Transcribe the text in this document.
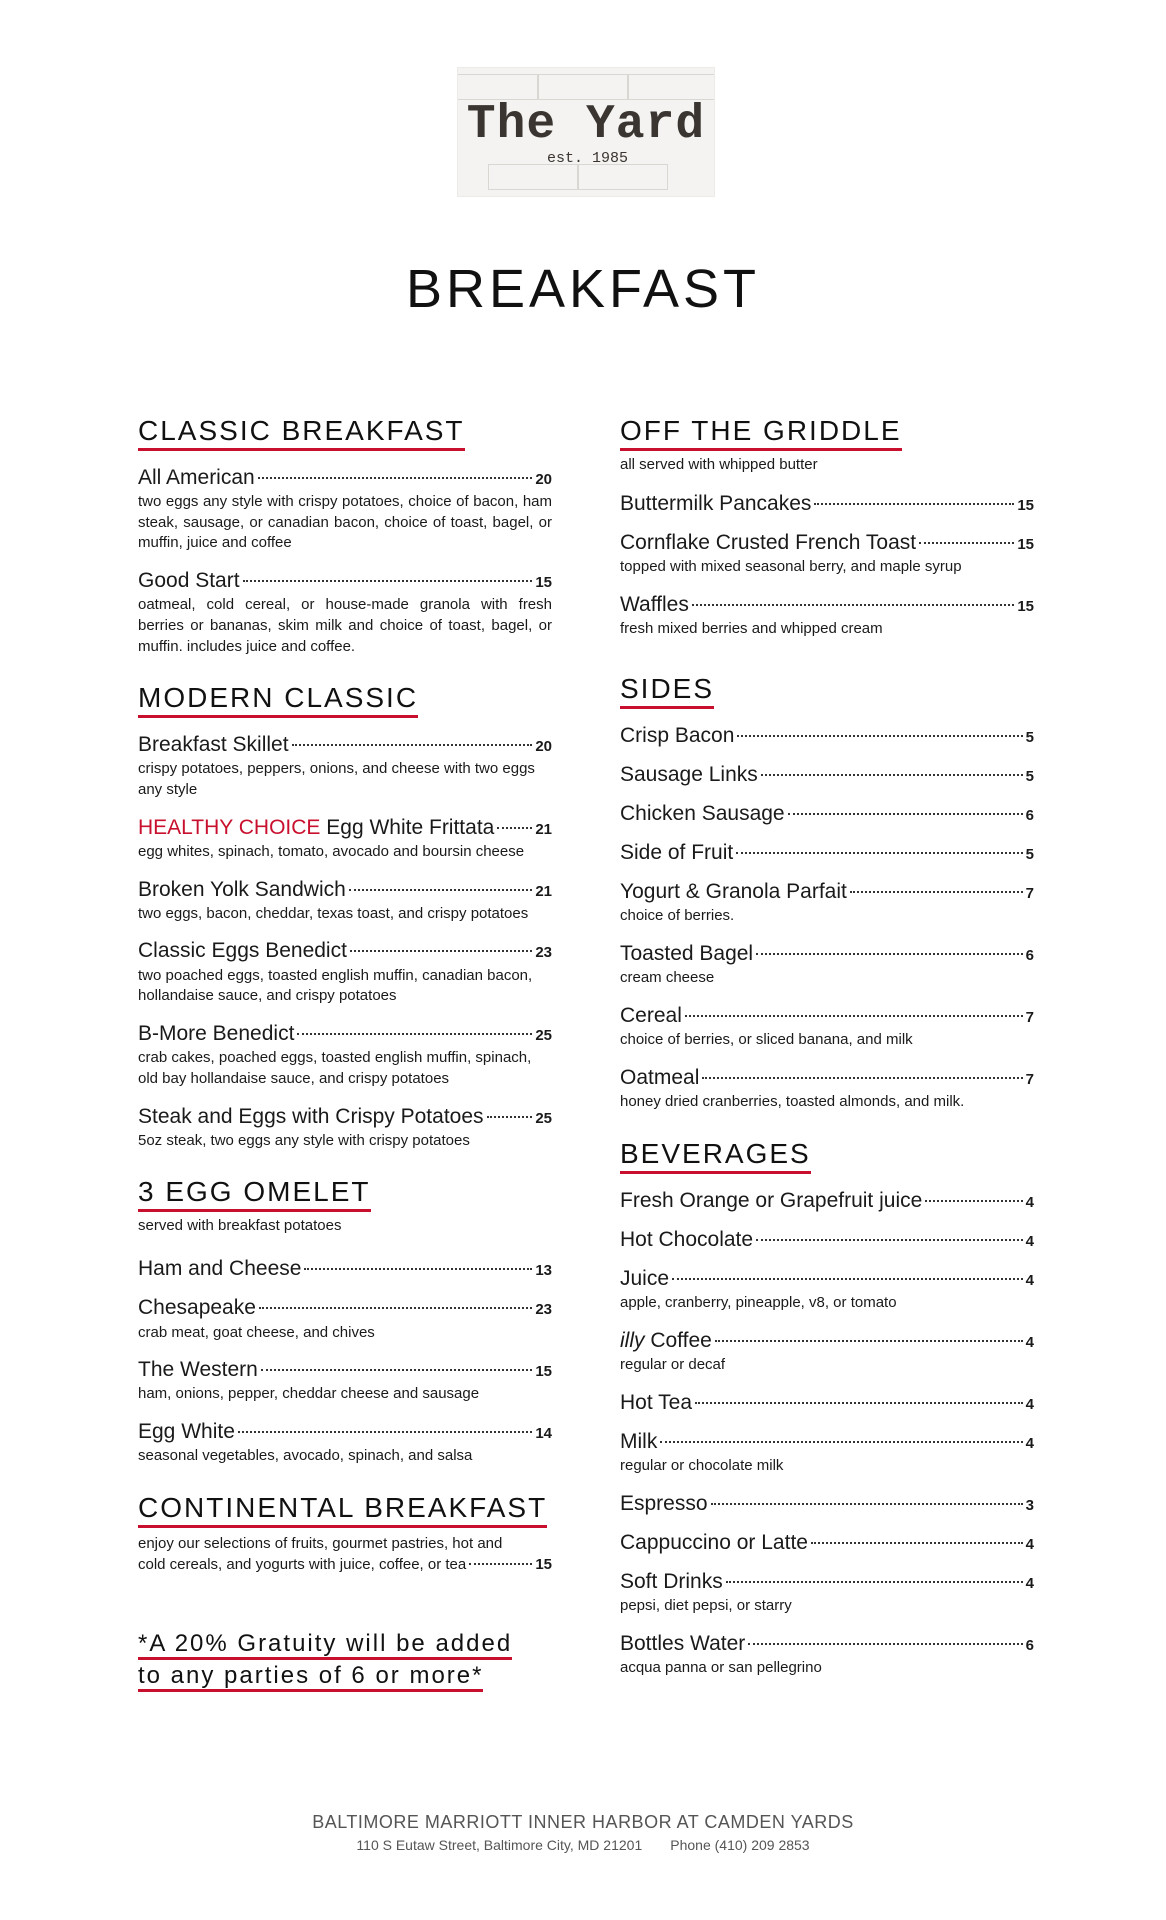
The Yard
est. 1985
BREAKFAST
CLASSIC BREAKFAST
All American	20
two eggs any style with crispy potatoes, choice of bacon, ham steak, sausage, or canadian bacon, choice of toast, bagel, or muffin, juice and coffee
Good Start	15
oatmeal, cold cereal, or house-made granola with fresh berries or bananas, skim milk and choice of toast, bagel, or muffin. includes juice and coffee.
MODERN CLASSIC
Breakfast Skillet	20
crispy potatoes, peppers, onions, and cheese with two eggs any style
HEALTHY CHOICE Egg White Frittata	21
egg whites, spinach, tomato, avocado and boursin cheese
Broken Yolk Sandwich	21
two eggs, bacon, cheddar, texas toast, and crispy potatoes
Classic Eggs Benedict	23
two poached eggs, toasted english muffin, canadian bacon, hollandaise sauce, and crispy potatoes
B-More Benedict	25
crab cakes, poached eggs, toasted english muffin, spinach, old bay hollandaise sauce, and crispy potatoes
Steak and Eggs with Crispy Potatoes	25
5oz steak, two eggs any style with crispy potatoes
3 EGG OMELET
served with breakfast potatoes
Ham and Cheese	13
Chesapeake	23
crab meat, goat cheese, and chives
The Western	15
ham, onions, pepper, cheddar cheese and sausage
Egg White	14
seasonal vegetables, avocado, spinach, and salsa
CONTINENTAL BREAKFAST
enjoy our selections of fruits, gourmet pastries, hot and
cold cereals, and yogurts with juice, coffee, or tea	15
*A 20% Gratuity will be added
to any parties of 6 or more*
OFF THE GRIDDLE
all served with whipped butter
Buttermilk Pancakes	15
Cornflake Crusted French Toast	15
topped with mixed seasonal berry, and maple syrup
Waffles	15
fresh mixed berries and whipped cream
SIDES
Crisp Bacon	5
Sausage Links	5
Chicken Sausage	6
Side of Fruit	5
Yogurt & Granola Parfait	7
choice of berries.
Toasted Bagel	6
cream cheese
Cereal	7
choice of berries, or sliced banana, and milk
Oatmeal	7
honey dried cranberries, toasted almonds, and milk.
BEVERAGES
Fresh Orange or Grapefruit juice	4
Hot Chocolate	4
Juice	4
apple, cranberry, pineapple, v8, or tomato
illy Coffee	4
regular or decaf
Hot Tea	4
Milk	4
regular or chocolate milk
Espresso	3
Cappuccino or Latte	4
Soft Drinks	4
pepsi, diet pepsi, or starry
Bottles Water	6
acqua panna or san pellegrino
BALTIMORE MARRIOTT INNER HARBOR AT CAMDEN YARDS
110 S Eutaw Street, Baltimore City, MD 21201 Phone (410) 209 2853
